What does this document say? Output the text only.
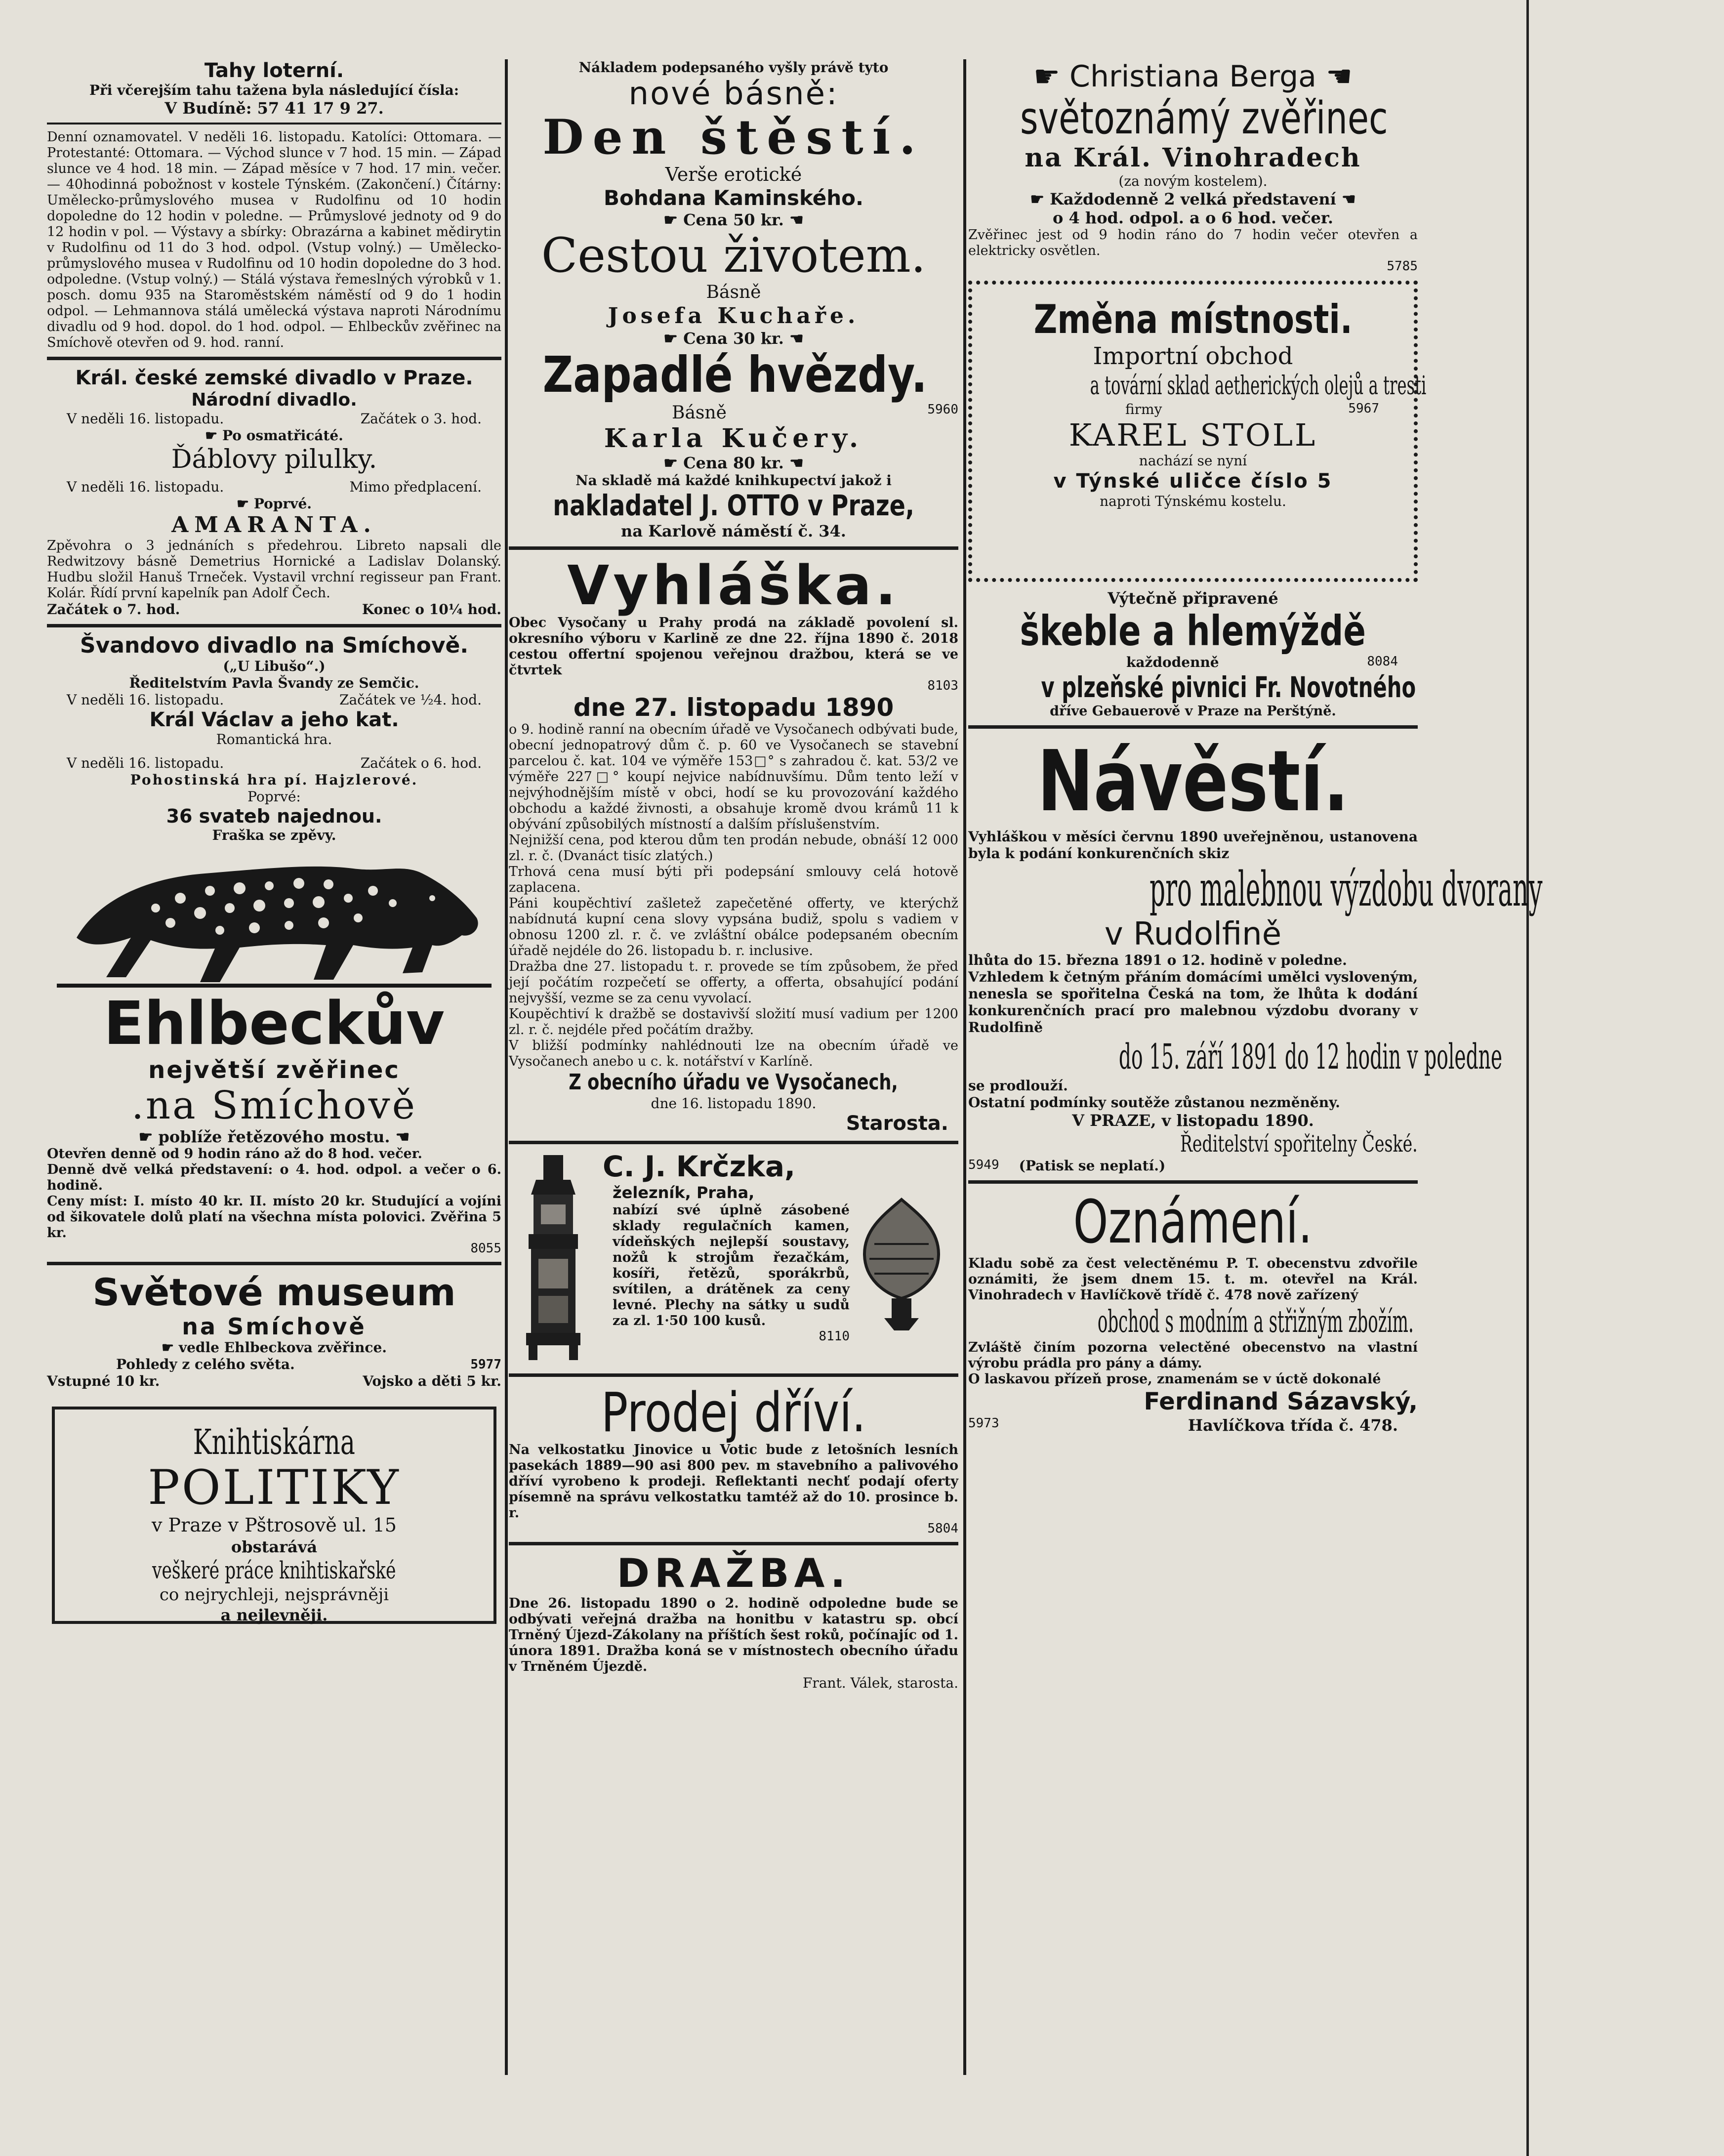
Tahy loterní.

Při včerejším tahu tažena byla následující čísla:

V Budíně: 57 41 17 9 27.

Denní oznamovatel. V neděli 16. listopadu. Katolíci: Ottomara. — Protestanté: Ottomara. — Východ slunce v 7 hod. 15 min. — Západ slunce ve 4 hod. 18 min. — Západ měsíce v 7 hod. 17 min. večer. — 40hodinná pobožnost v kostele Týnském. (Zakončení.) Čítárny: Umělecko-průmyslového musea v Rudolfinu od 10 hodin dopoledne do 12 hodin v poledne. — Průmyslové jednoty od 9 do 12 hodin v pol. — Výstavy a sbírky: Obrazárna a kabinet mědirytin v Rudolfinu od 11 do 3 hod. odpol. (Vstup volný.) — Umělecko-průmyslového musea v Rudolfinu od 10 hodin dopoledne do 3 hod. odpoledne. (Vstup volný.) — Stálá výstava řemeslných výrobků v 1. posch. domu 935 na Staroměstském náměstí od 9 do 1 hodin odpol. — Lehmannova stálá umělecká výstava naproti Národnímu divadlu od 9 hod. dopol. do 1 hod. odpol. — Ehlbeckův zvěřinec na Smíchově otevřen od 9. hod. ranní.

Král. české zemské divadlo v Praze.

Národní divadlo.

V neděli 16. listopadu.	Začátek o 3. hod.

☛ Po osmatřicáté.

Ďáblovy pilulky.

V neděli 16. listopadu.	Mimo předplacení.

☛ Poprvé.

AMARANTA.

Zpěvohra o 3 jednáních s předehrou. Libreto napsali dle Redwitzovy básně Demetrius Hornické a Ladislav Dolanský. Hudbu složil Hanuš Trneček. Vystavil vrchní regisseur pan Frant. Kolár. Řídí první kapelník pan Adolf Čech.

Začátek o 7. hod.	Konec o 10¼ hod.

Švandovo divadlo na Smíchově.

(„U Libušo“.)

Ředitelstvím Pavla Švandy ze Semčic.

V neděli 16. listopadu.	Začátek ve ½4. hod.

Král Václav a jeho kat.

Romantická hra.

V neděli 16. listopadu.	Začátek o 6. hod.

Pohostinská hra pí. Hajzlerové.

Poprvé:

36 svateb najednou.

Fraška se zpěvy.

Ehlbeckův

největší zvěřinec

.na Smíchově

☛ poblíže řetězového mostu. ☚

Otevřen denně od 9 hodin ráno až do 8 hod. večer.

Denně dvě velká představení: o 4. hod. odpol. a večer o 6. hodině.

Ceny míst: I. místo 40 kr. II. místo 20 kr. Studující a vojíni od šikovatele dolů platí na všechna místa polovici. Zvěřina 5 kr.

8055

Světové museum

na Smíchově

☛ vedle Ehlbeckova zvěřince.

Pohledy z celého světa.	5977
Vstupné 10 kr.	Vojsko a děti 5 kr.

Knihtiskárna

POLITIKY

v Praze v Pštrosově ul. 15

obstarává

veškeré práce knihtiskařské

co nejrychleji, nejsprávněji

a nejlevněji.

Nákladem podepsaného vyšly právě tyto

nové básně:

Den štěstí.

Verše erotické

Bohdana Kaminského.

☛ Cena 50 kr. ☚

Cestou životem.

Básně

Josefa Kuchaře.

☛ Cena 30 kr. ☚

Zapadlé hvězdy.

Básně	5960

Karla Kučery.

☛ Cena 80 kr. ☚

Na skladě má každé knihkupectví jakož i

nakladatel J. OTTO v Praze,

na Karlově náměstí č. 34.

Vyhláška.

Obec Vysočany u Prahy prodá na základě povolení sl. okresního výboru v Karlině ze dne 22. října 1890 č. 2018 cestou offertní spojenou veřejnou dražbou, která se ve čtvrtek

8103

dne 27. listopadu 1890

o 9. hodině ranní na obecním úřadě ve Vysočanech odbývati bude, obecní jednopatrový dům č. p. 60 ve Vysočanech se stavební parcelou č. kat. 104 ve výměře 153□° s zahradou č. kat. 53/2 ve výměře 227□° koupí nejvice nabídnuvšímu. Dům tento leží v nejvýhodnějším místě v obci, hodí se ku provozování každého obchodu a každé živnosti, a obsahuje kromě dvou krámů 11 k obývání způsobilých místností a dalším příslušenstvím.

Nejnižší cena, pod kterou dům ten prodán nebude, obnáší 12 000 zl. r. č. (Dvanáct tisíc zlatých.)

Trhová cena musí býti při podepsání smlouvy celá hotově zaplacena.

Páni koupěchtiví zašletež zapečetěné offerty, ve kterýchž nabídnutá kupní cena slovy vypsána budiž, spolu s vadiem v obnosu 1200 zl. r. č. ve zvláštní obálce podepsaném obecním úřadě nejdéle do 26. listopadu b. r. inclusive.

Dražba dne 27. listopadu t. r. provede se tím způsobem, že před její počátím rozpečetí se offerty, a offerta, obsahující podání nejvyšší, vezme se za cenu vyvolací.

Koupěchtiví k dražbě se dostavivší složití musí vadium per 1200 zl. r. č. nejdéle před počátím dražby.

V bližší podmínky nahlédnouti lze na obecním úřadě ve Vysočanech anebo u c. k. notářství v Karlíně.

Z obecního úřadu ve Vysočanech,

dne 16. listopadu 1890.

Starosta.

C. J. Krčzka,

železník, Praha,

nabízí své úplně zásobené sklady regulačních kamen, vídeňských nejlepší soustavy, nožů k strojům řezačkám, kosíři, řetězů, sporákrbů, svítilen, a drátěnek za ceny levné. Plechy na sátky u sudů za zl. 1·50 100 kusů.

8110

Prodej dříví.

Na velkostatku Jinovice u Votic bude z letošních lesních pasekách 1889—90 asi 800 pev. m stavebního a palivového dříví vyrobeno k prodeji. Reflektanti nechť podají oferty písemně na správu velkostatku tamtéž až do 10. prosince b. r.

5804

DRAŽBA.

Dne 26. listopadu 1890 o 2. hodině odpoledne bude se odbývati veřejná dražba na honitbu v katastru sp. obcí Trněný Újezd-Zákolany na příštích šest roků, počínajíc od 1. února 1891. Dražba koná se v místnostech obecního úřadu v Trněném Újezdě.

Frant. Válek, starosta.

☛ Christiana Berga ☚

světoznámý zvěřinec

na Král. Vinohradech

(za novým kostelem).

☛ Každodenně 2 velká představení ☚

o 4 hod. odpol. a o 6 hod. večer.

Zvěřinec jest od 9 hodin ráno do 7 hodin večer otevřen a elektricky osvětlen.

5785

Změna místnosti.

Importní obchod

a tovární sklad aetherických olejů a tresti

firmy	5967

KAREL STOLL

nachází se nyní

v Týnské uličce číslo 5

naproti Týnskému kostelu.

Výtečně připravené

škeble a hlemýždě

každodenně	8084

v plzeňské pivnici Fr. Novotného

dříve Gebauerově v Praze na Perštýně.

Návěstí.

Vyhláškou v měsíci červnu 1890 uveřejněnou, ustanovena byla k podání konkurenčních skiz

pro malebnou výzdobu dvorany

v Rudolfině

lhůta do 15. března 1891 o 12. hodině v poledne.

Vzhledem k četným přáním domácími umělci vysloveným, nenesla se spořitelna Česká na tom, že lhůta k dodání konkurenčních prací pro malebnou výzdobu dvorany v Rudolfině

do 15. září 1891 do 12 hodin v poledne

se prodlouží.

Ostatní podmínky soutěže zůstanou nezměněny.

V PRAZE, v listopadu 1890.

Ředitelství spořitelny České.

5949	(Patisk se neplatí.)

Oznámení.

Kladu sobě za čest velectěnému P. T. obecenstvu zdvořile oznámiti, že jsem dnem 15. t. m. otevřel na Král. Vinohradech v Havlíčkově třídě č. 478 nově zařízený

obchod s modním a střižným zbožím.

Zvláště činím pozorna velectěné obecenstvo na vlastní výrobu prádla pro pány a dámy.

O laskavou přízeň prose, znamenám se v úctě dokonalé

Ferdinand Sázavský,

5973	Havlíčkova třída č. 478.
